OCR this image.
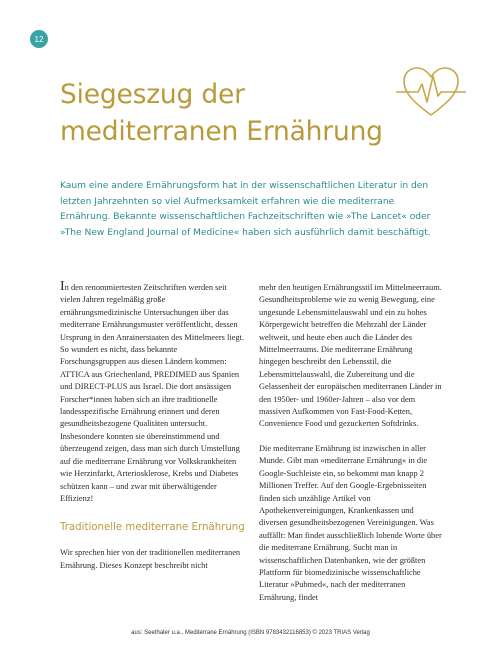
12
Siegeszug der
mediterranen Ernährung

Kaum eine andere Ernährungsform hat in der wissenschaftlichen Literatur in den letzten Jahrzehnten so viel Aufmerksamkeit erfahren wie die mediterrane Ernährung. Bekannte wissenschaftlichen Fachzeitschriften wie »The Lancet« oder »The New England Journal of Medicine« haben sich ausführlich damit beschäftigt.

In den renommiertesten Zeitschriften werden seit vielen Jahren regelmäßig große ernährungsmedizinische Untersuchungen über das mediterrane Ernährungsmuster veröffentlicht, dessen Ursprung in den Anrainerstaaten des Mittelmeers liegt. So wundert es nicht, dass bekannte Forschungsgruppen aus diesen Ländern kommen: ATTICA aus Griechenland, PREDIMED aus Spanien und DIRECT-PLUS aus Israel. Die dort ansässigen Forscher*innen haben sich an ihre traditionelle landesspezifische Ernährung erinnert und deren gesundheitsbezogene Qualitäten untersucht. Insbesondere konnten sie übereinstimmend und überzeugend zeigen, dass man sich durch Umstellung auf die mediterrane Ernährung vor Volkskrankheiten wie Herzinfarkt, Arteriosklerose, Krebs und Diabetes schützen kann – und zwar mit überwältigender Effizienz!

Traditionelle mediterrane Ernährung

Wir sprechen hier von der traditionellen mediterranen Ernährung. Dieses Konzept beschreibt nicht

mehr den heutigen Ernährungsstil im Mittelmeerraum. Gesundheitsprobleme wie zu wenig Bewegung, eine ungesunde Lebensmittelauswahl und ein zu hohes Körpergewicht betreffen die Mehrzahl der Länder weltweit, und heute eben auch die Länder des Mittelmeerraums. Die mediterrane Ernährung hingegen beschreibt den Lebensstil, die Lebensmittelauswahl, die Zubereitung und die Gelassenheit der europäischen mediterranen Länder in den 1950er- und 1960er-Jahren – also vor dem massiven Aufkommen von Fast-Food-Ketten, Convenience Food und gezuckerten Softdrinks.

Die mediterrane Ernährung ist inzwischen in aller Munde. Gibt man »mediterrane Ernährung« in die Google-Suchleiste ein, so bekommt man knapp 2 Millionen Treffer. Auf den Google-Ergebnisseiten finden sich unzählige Artikel von Apothekenvereinigungen, Krankenkassen und diversen gesundheitsbezogenen Vereinigungen. Was auffällt: Man findet ausschließlich lobende Worte über die mediterrane Ernährung. Sucht man in wissenschaftlichen Datenbanken, wie der größten Plattform für biomedizinische wissenschaftliche Literatur »Pubmed«, nach der mediterranen Ernährung, findet

aus: Seethaler u.a., Mediterrane Ernährung (ISBN 9783432116853) © 2023 TRIAS Verlag
